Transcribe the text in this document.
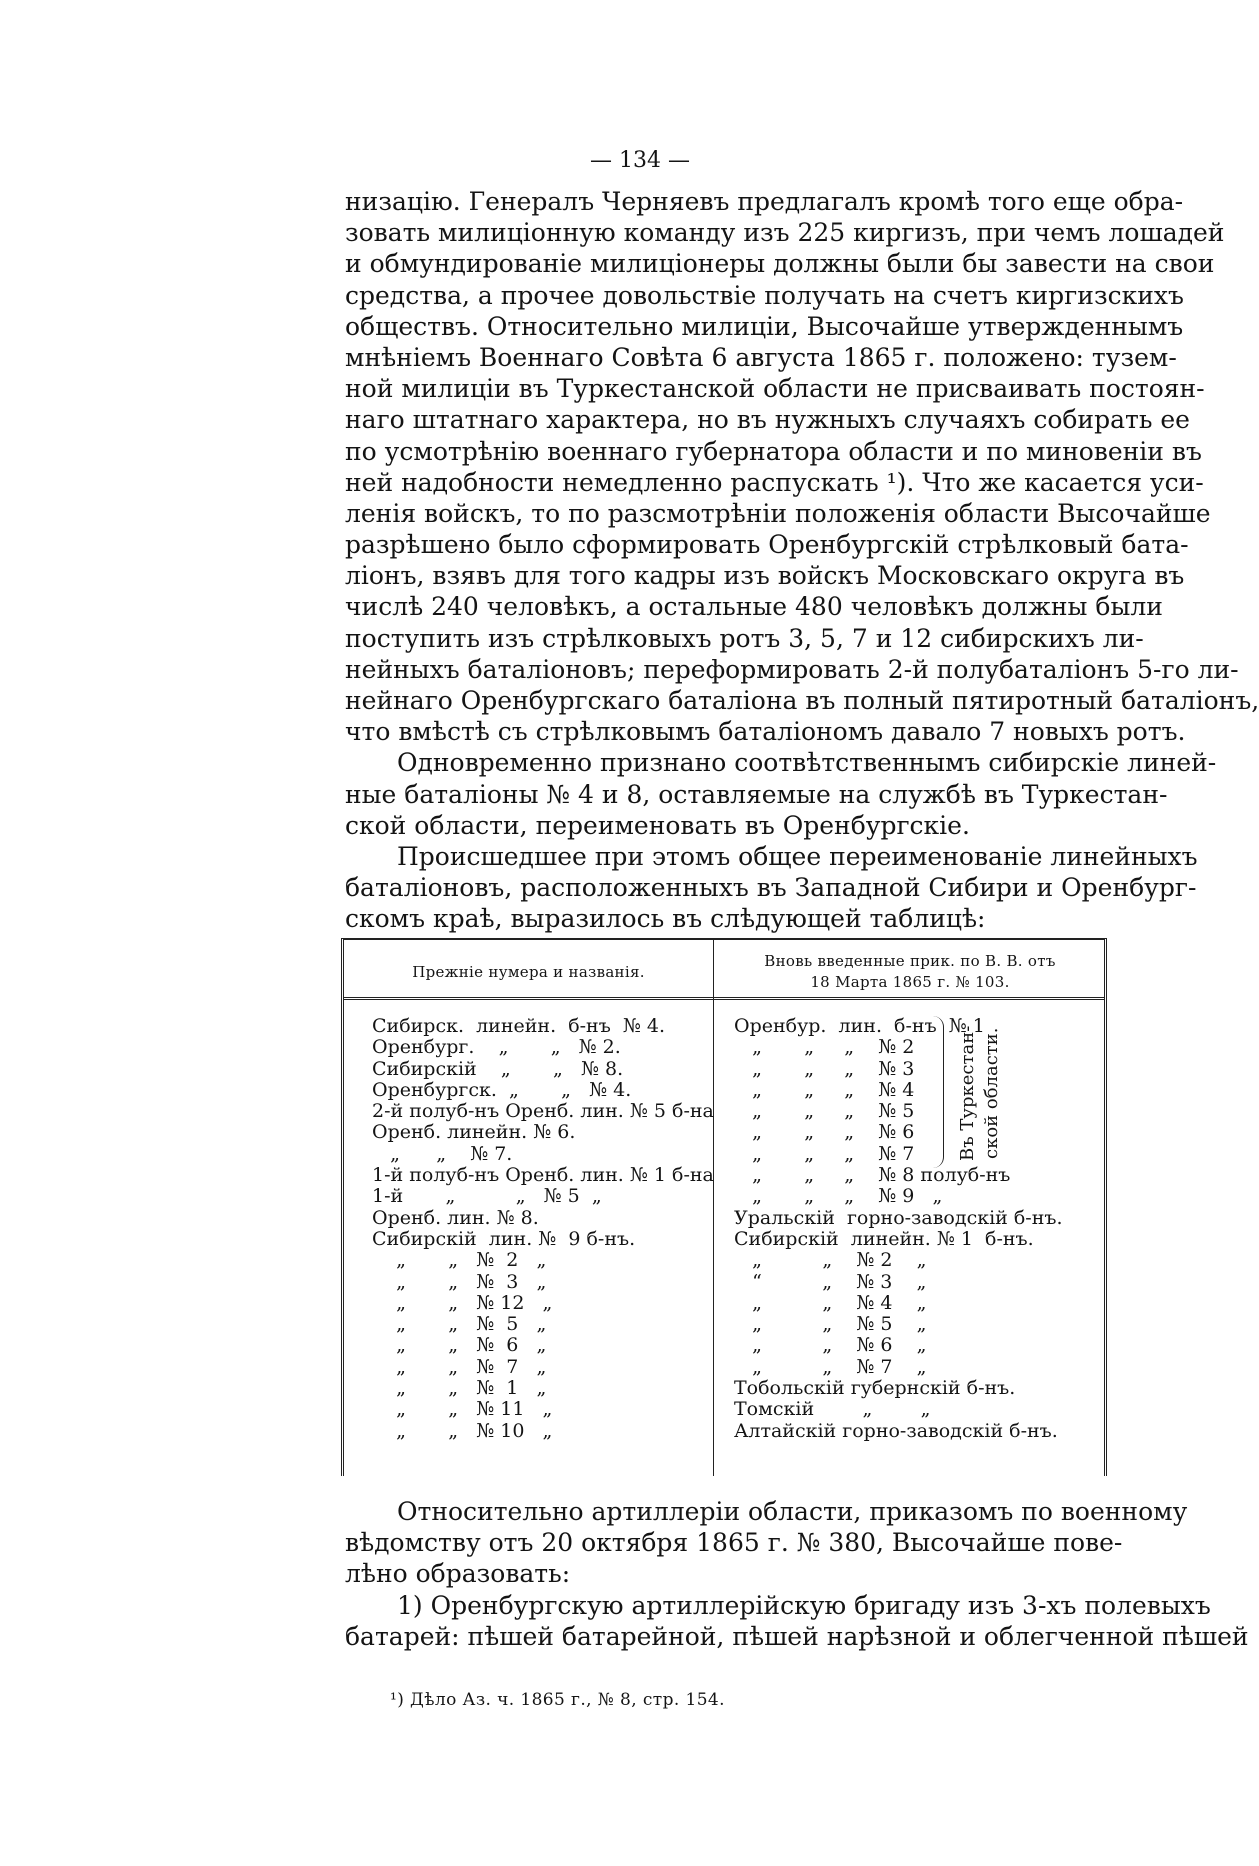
— 134 —
низацію. Генералъ Черняевъ предлагалъ кромѣ того еще обра-
зовать милиціонную команду изъ 225 киргизъ, при чемъ лошадей
и обмундированіе милиціонеры должны были бы завести на свои
средства, а прочее довольствіе получать на счетъ киргизскихъ
обществъ. Относительно милиціи, Высочайше утвержденнымъ
мнѣніемъ Военнаго Совѣта 6 августа 1865 г. положено: тузем-
ной милиціи въ Туркестанской области не присваивать постоян-
наго штатнаго характера, но въ нужныхъ случаяхъ собирать ее
по усмотрѣнію военнаго губернатора области и по миновеніи въ
ней надобности немедленно распускать ¹). Что же касается уси-
ленія войскъ, то по разсмотрѣніи положенія области Высочайше
разрѣшено было сформировать Оренбургскій стрѣлковый бата-
ліонъ, взявъ для того кадры изъ войскъ Московскаго округа въ
числѣ 240 человѣкъ, а остальные 480 человѣкъ должны были
поступить изъ стрѣлковыхъ ротъ 3, 5, 7 и 12 сибирскихъ ли-
нейныхъ баталіоновъ; переформировать 2-й полубаталіонъ 5-го ли-
нейнаго Оренбургскаго баталіона въ полный пятиротный баталіонъ,
что вмѣстѣ съ стрѣлковымъ баталіономъ давало 7 новыхъ ротъ.
Одновременно признано соотвѣтственнымъ сибирскіе линей-
ные баталіоны № 4 и 8, оставляемые на службѣ въ Туркестан-
ской области, переименовать въ Оренбургскіе.
Происшедшее при этомъ общее переименованіе линейныхъ
баталіоновъ, расположенныхъ въ Западной Сибири и Оренбург-
скомъ краѣ, выразилось въ слѣдующей таблицѣ:
Прежніе нумера и названія.
Вновь введенные прик. по В. В. отъ
18 Марта 1865 г. № 103.
Сибирск.  линейн.  б-нъ  № 4.
Оренбург.    „       „   № 2.
Сибирскій    „       „   № 8.
Оренбургск.  „       „   № 4.
2-й полуб-нъ Оренб. лин. № 5 б-на
Оренб. линейн. № 6.
„      „    № 7.
1-й полуб-нъ Оренб. лин. № 1 б-на
1-й       „          „   № 5  „
Оренб. лин. № 8.
Сибирскій  лин. №  9 б-нъ.
„       „   №  2   „
„       „   №  3   „
„       „   № 12   „
„       „   №  5   „
„       „   №  6   „
„       „   №  7   „
„       „   №  1   „
„       „   № 11   „
„       „   № 10   „
Оренбур.  лин.  б-нъ  № 1
„       „     „    № 2
„       „     „    № 3
„       „     „    № 4
„       „     „    № 5
„       „     „    № 6
„       „     „    № 7
„       „     „    № 8 полуб-нъ
„       „     „    № 9   „
Уральскій  горно-заводскій б-нъ.
Сибирскій  линейн. № 1  б-нъ.
„          „    № 2    „
“          „    № 3    „
„          „    № 4    „
„          „    № 5    „
„          „    № 6    „
„          „    № 7    „
Тобольскій губернскій б-нъ.
Томскій        „        „
Алтайскій горно-заводскій б-нъ.
Въ Туркестан- ской области.
Относительно артиллеріи области, приказомъ по военному
вѣдомству отъ 20 октября 1865 г. № 380, Высочайше пове-
лѣно образовать:
1) Оренбургскую артиллерійскую бригаду изъ 3-хъ полевыхъ
батарей: пѣшей батарейной, пѣшей нарѣзной и облегченной пѣшей
¹) Дѣло Аз. ч. 1865 г., № 8, стр. 154.
